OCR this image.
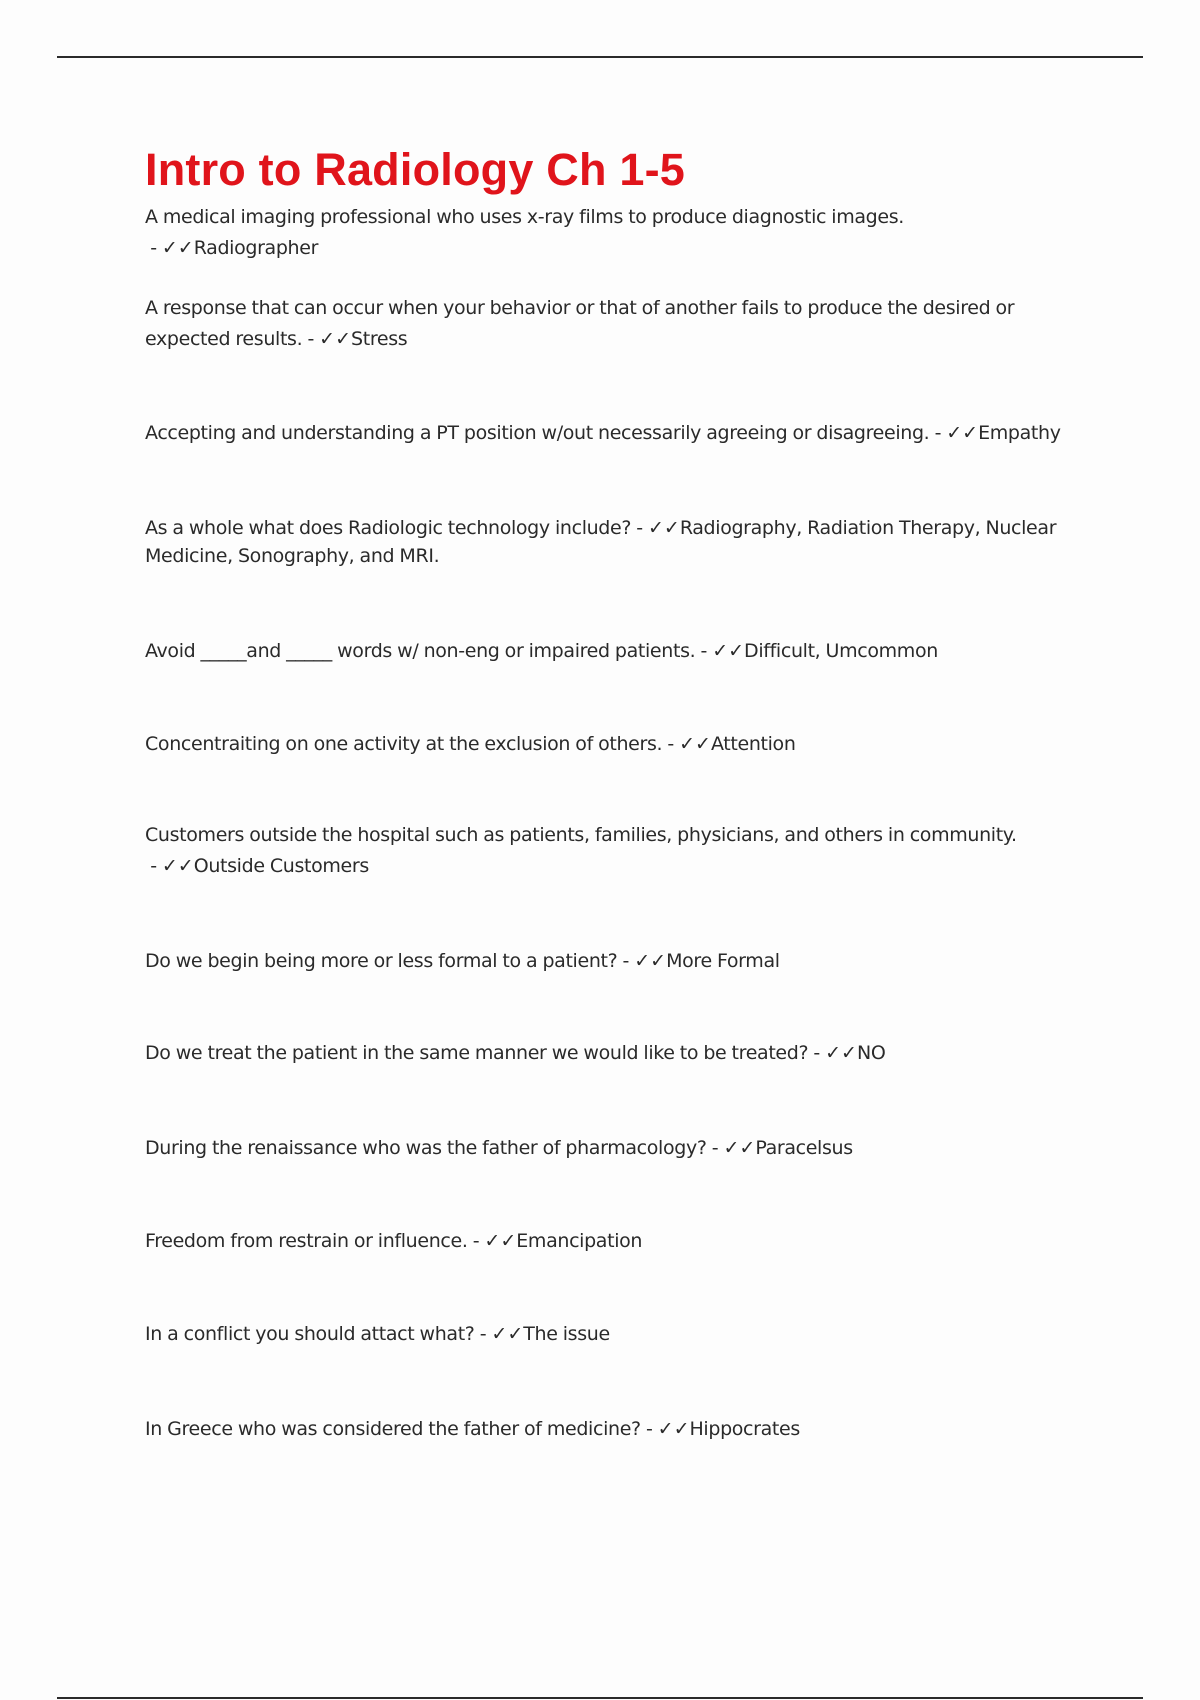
Intro to Radiology Ch 1-5

A medical imaging professional who uses x-ray films to produce diagnostic images. - ✓✓Radiographer

A response that can occur when your behavior or that of another fails to produce the desired or expected results. - ✓✓Stress

Accepting and understanding a PT position w/out necessarily agreeing or disagreeing. - ✓✓Empathy

As a whole what does Radiologic technology include? - ✓✓Radiography, Radiation Therapy, Nuclear Medicine, Sonography, and MRI.

Avoid _____and _____ words w/ non-eng or impaired patients. - ✓✓Difficult, Umcommon

Concentraiting on one activity at the exclusion of others. - ✓✓Attention

Customers outside the hospital such as patients, families, physicians, and others in community. - ✓✓Outside Customers

Do we begin being more or less formal to a patient? - ✓✓More Formal

Do we treat the patient in the same manner we would like to be treated? - ✓✓NO

During the renaissance who was the father of pharmacology? - ✓✓Paracelsus

Freedom from restrain or influence. - ✓✓Emancipation

In a conflict you should attact what? - ✓✓The issue

In Greece who was considered the father of medicine? - ✓✓Hippocrates
